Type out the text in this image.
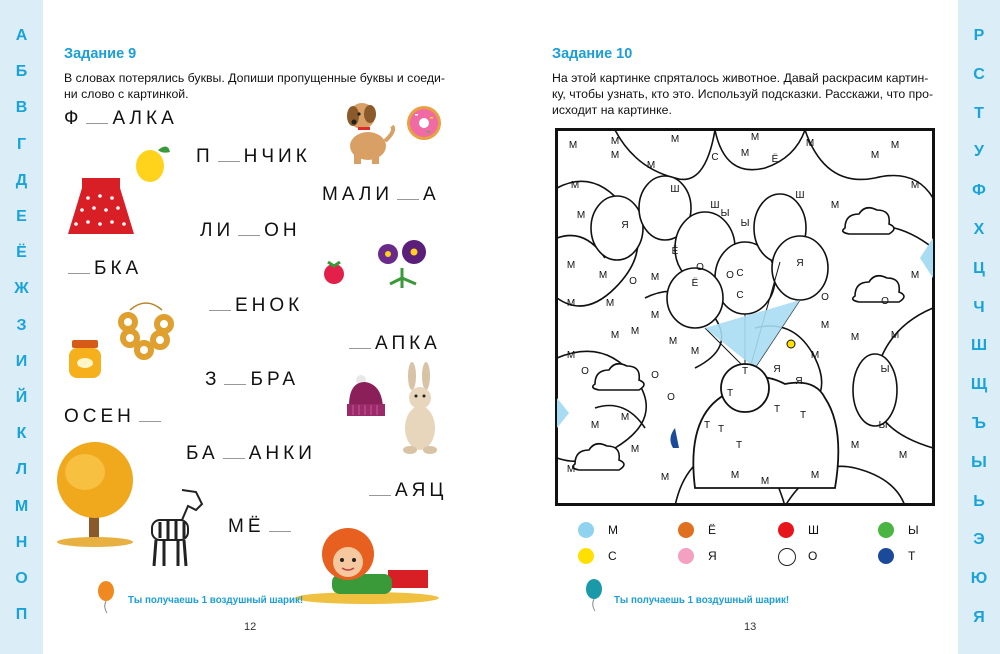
А
Б
В
Г
Д
Е
Ё
Ж
З
И
Й
К
Л
М
Н
О
П
Р
С
Т
У
Ф
Х
Ц
Ч
Ш
Щ
Ъ
Ы
Ь
Э
Ю
Я
Задание 9
В словах потерялись буквы. Допиши пропущенные буквы и соеди-
ни слово с картинкой.
Ф АЛКА
П НЧИК
МАЛИ А
ЛИ ОН
БКА
ЕНОК
АПКА
З БРА
ОСЕН
БА АНКИ
АЯЦ
МЁ
Ты получаешь 1 воздушный шарик!
12
Задание 10
На этой картинке спряталось животное. Давай раскрасим картин-
ку, чтобы узнать, кто это. Используй подсказки. Расскажи, что про-
исходит на картинке.
М	М	М	М
М
С М
Ё
М
Я
М
Ш
Ш
Ы
Ш
Ы
Ё
Я
С
Ё
С
М
М	М
М
О	О
О
О
Т
Т
Я
Я
Ы
Ы
Т
Т
Т
Т
Т
М
М
М
М
М	М
М
М
М
М
М
М
М
М
М
М
М
М
М
М
М
М
М
М
М
М
О
О
О	О
М
М
М	Ё	Ш	Ы
С	Я	О	Т
Ты получаешь 1 воздушный шарик!
13
